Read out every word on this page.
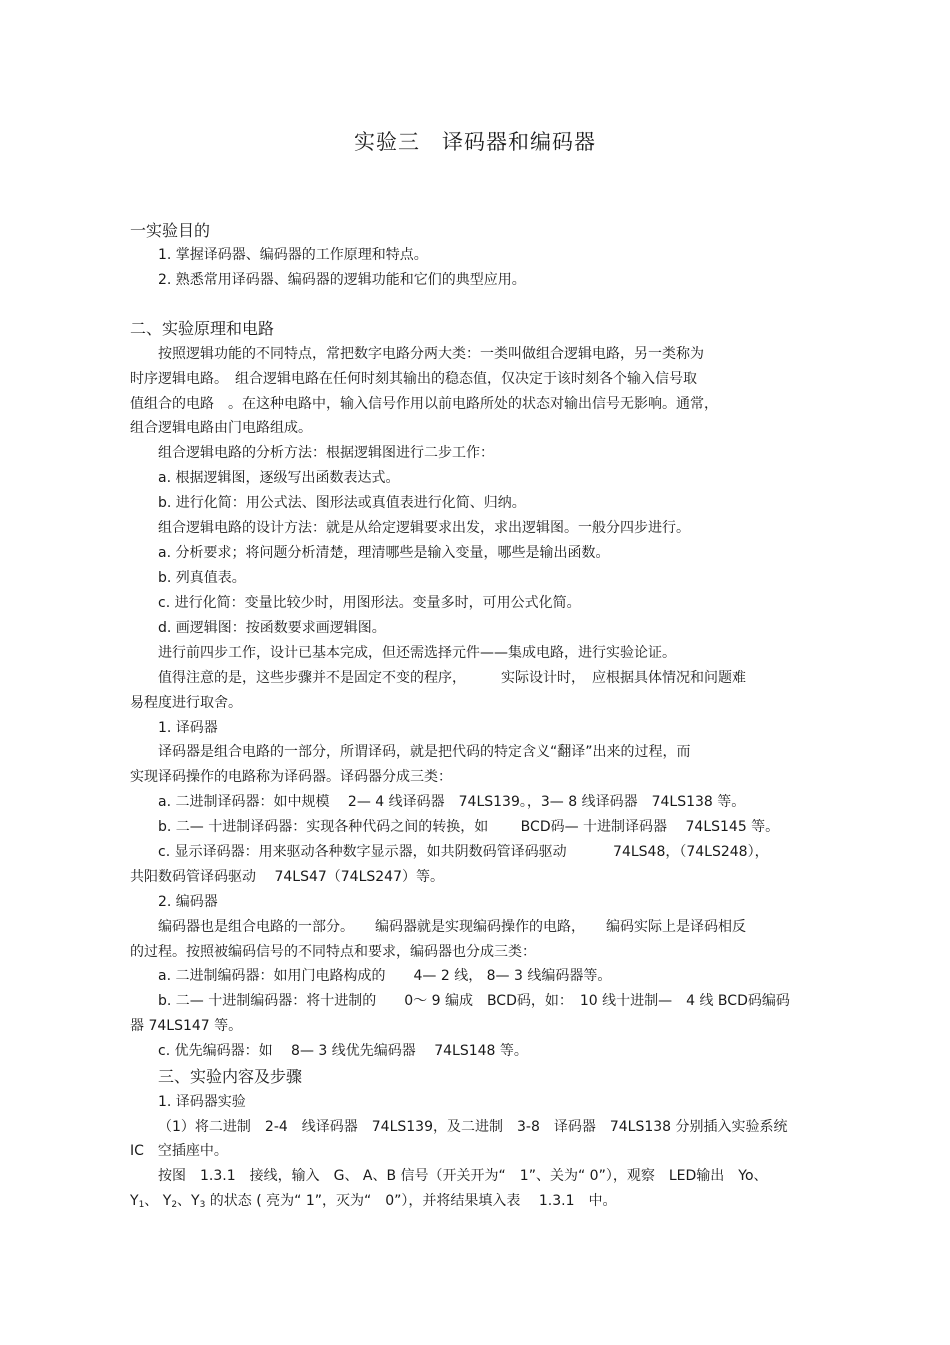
实验三　译码器和编码器
一实验目的
1. 掌握译码器、编码器的工作原理和特点。
2. 熟悉常用译码器、编码器的逻辑功能和它们的典型应用。
二、实验原理和电路
按照逻辑功能的不同特点，常把数字电路分两大类：一类叫做组合逻辑电路，另一类称为
时序逻辑电路。　组合逻辑电路在任何时刻其输出的稳态值，仅决定于该时刻各个输入信号取
值组合的电路　。在这种电路中，输入信号作用以前电路所处的状态对输出信号无影响。通常，
组合逻辑电路由门电路组成。
组合逻辑电路的分析方法：根据逻辑图进行二步工作：
a. 根据逻辑图，逐级写出函数表达式。
b. 进行化简：用公式法、图形法或真值表进行化简、归纳。
组合逻辑电路的设计方法：就是从给定逻辑要求出发，求出逻辑图。一般分四步进行。
a. 分析要求；将问题分析清楚，理清哪些是输入变量，哪些是输出函数。
b. 列真值表。
c. 进行化简：变量比较少时，用图形法。变量多时，可用公式化简。
d. 画逻辑图：按函数要求画逻辑图。
进行前四步工作，设计已基本完成，但还需选择元件——集成电路，进行实验论证。
值得注意的是，这些步骤并不是固定不变的程序，　　　实际设计时，　应根据具体情况和问题难
易程度进行取舍。
1. 译码器
译码器是组合电路的一部分，所谓译码，就是把代码的特定含义“翻译”出来的过程，而
实现译码操作的电路称为译码器。译码器分成三类：
a. 二进制译码器：如中规模　 2— 4 线译码器　74LS139。，3— 8 线译码器　74LS138 等。
b. 二— 十进制译码器：实现各种代码之间的转换，如　　 BCD码— 十进制译码器　 74LS145 等。
c. 显示译码器：用来驱动各种数字显示器，如共阴数码管译码驱动　　　 74LS48，（74LS248），
共阳数码管译码驱动　 74LS47（74LS247）等。
2. 编码器
编码器也是组合电路的一部分。　　编码器就是实现编码操作的电路，　　编码实际上是译码相反
的过程。按照被编码信号的不同特点和要求，编码器也分成三类：
a. 二进制编码器：如用门电路构成的　　4— 2 线， 8— 3 线编码器等。
b. 二— 十进制编码器：将十进制的　　0～ 9 编成　BCD码，如：　10 线十进制—　4 线 BCD码编码
器 74LS147 等。
c. 优先编码器：如　 8— 3 线优先编码器　 74LS148 等。
三、实验内容及步骤
1. 译码器实验
（1）将二进制　2-4　线译码器　74LS139，及二进制　3-8　译码器　74LS138 分别插入实验系统
IC　空插座中。
按图　1.3.1　接线，输入　G、 A、B 信号（开关开为“　1”、关为“ 0”），观察　LED输出　Yo、
$Y_1$、 $Y_2$、$Y_3$ 的状态 ( 亮为“ 1”，灭为“　0”），并将结果填入表　 1.3.1　中。
